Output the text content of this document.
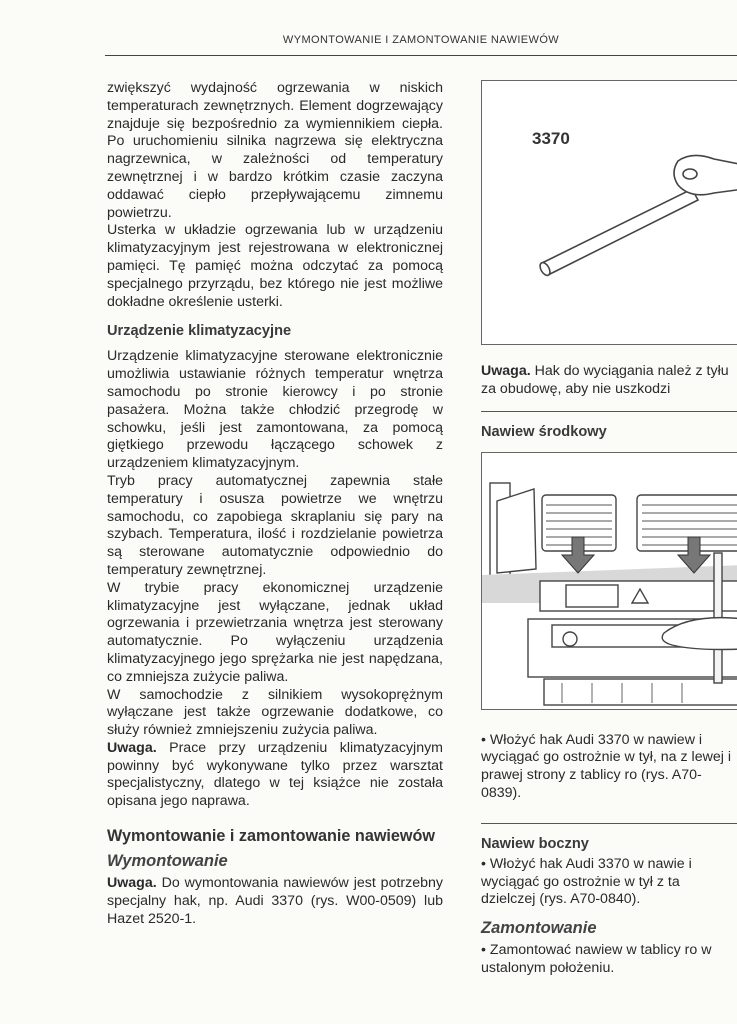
WYMONTOWANIE I ZAMONTOWANIE NAWIEWÓW

zwiększyć wydajność ogrzewania w niskich temperaturach zewnętrznych. Element dogrzewający znajduje się bezpośrednio za wymiennikiem ciepła. Po uruchomieniu silnika nagrzewa się elektryczna nagrzewnica, w zależności od temperatury zewnętrznej i w bardzo krótkim czasie zaczyna oddawać ciepło przepływającemu zimnemu powietrzu.

Usterka w układzie ogrzewania lub w urządzeniu klimatyzacyjnym jest rejestrowana w elektronicznej pamięci. Tę pamięć można odczytać za pomocą specjalnego przyrządu, bez którego nie jest możliwe dokładne określenie usterki.

Urządzenie klimatyzacyjne

Urządzenie klimatyzacyjne sterowane elektronicznie umożliwia ustawianie różnych temperatur wnętrza samochodu po stronie kierowcy i po stronie pasażera. Można także chłodzić przegrodę w schowku, jeśli jest zamontowana, za pomocą giętkiego przewodu łączącego schowek z urządzeniem klimatyzacyjnym.

Tryb pracy automatycznej zapewnia stałe temperatury i osusza powietrze we wnętrzu samochodu, co zapobiega skraplaniu się pary na szybach. Temperatura, ilość i rozdzielanie powietrza są sterowane automatycznie odpowiednio do temperatury zewnętrznej.

W trybie pracy ekonomicznej urządzenie klimatyzacyjne jest wyłączane, jednak układ ogrzewania i przewietrzania wnętrza jest sterowany automatycznie. Po wyłączeniu urządzenia klimatyzacyjnego jego sprężarka nie jest napędzana, co zmniejsza zużycie paliwa.

W samochodzie z silnikiem wysokoprężnym wyłączane jest także ogrzewanie dodatkowe, co służy również zmniejszeniu zużycia paliwa.

Uwaga. Prace przy urządzeniu klimatyzacyjnym powinny być wykonywane tylko przez warsztat specjalistyczny, dlatego w tej książce nie została opisana jego naprawa.

Wymontowanie i zamontowanie nawiewów
Wymontowanie

Uwaga. Do wymontowania nawiewów jest potrzebny specjalny hak, np. Audi 3370 (rys. W00-0509) lub Hazet 2520-1.

3370

Uwaga. Hak do wyciągania należ z tyłu za obudowę, aby nie uszkodzi

Nawiew środkowy

• Włożyć hak Audi 3370 w nawiew i wyciągać go ostrożnie w tył, na z lewej i prawej strony z tablicy ro (rys. A70-0839).

Nawiew boczny

• Włożyć hak Audi 3370 w nawie i wyciągać go ostrożnie w tył z ta dzielczej (rys. A70-0840).

Zamontowanie

• Zamontować nawiew w tablicy ro w ustalonym położeniu.
